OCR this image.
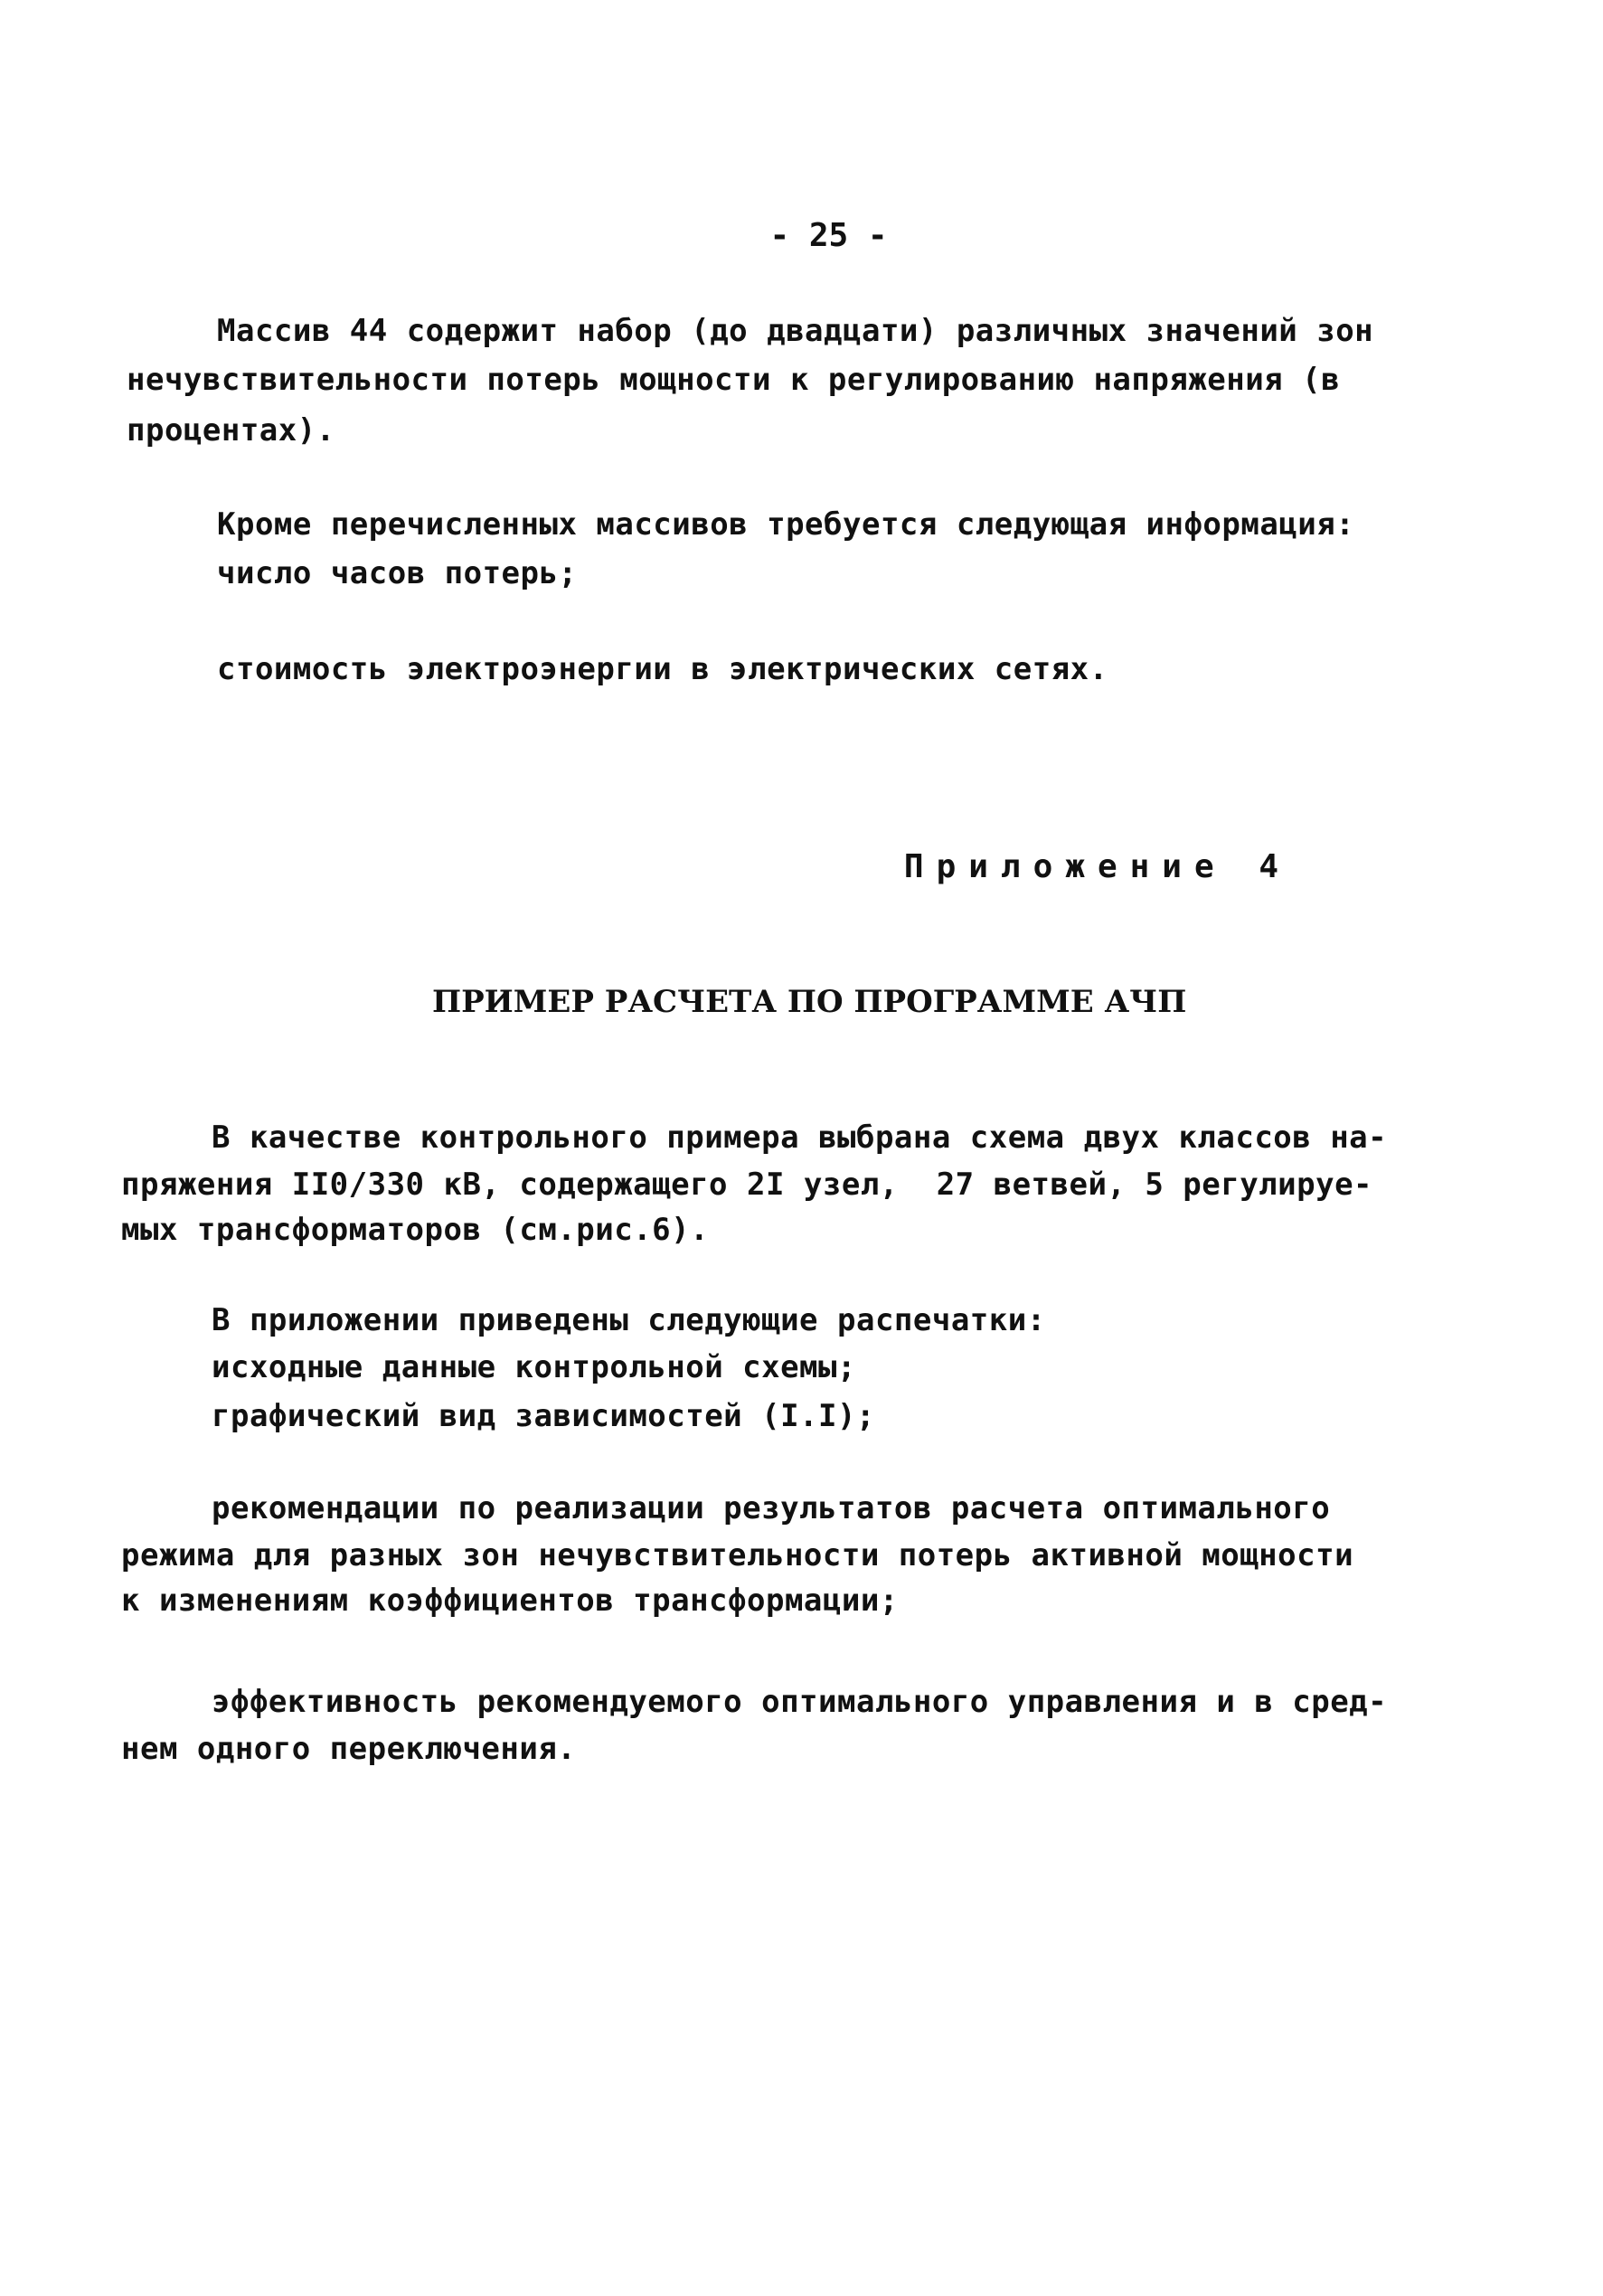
- 25 -
Массив 44 содержит набор (до двадцати) различных значений зон
нечувствительности потерь мощности к регулированию напряжения (в
процентах).
Кроме перечисленных массивов требуется следующая информация:
число часов потерь;
стоимость электроэнергии в электрических сетях.
Приложение 4
ПРИМЕР РАСЧЕТА ПО ПРОГРАММЕ АЧП
В качестве контрольного примера выбрана схема двух классов на-
пряжения II0/330 кВ, содержащего 2I узел,  27 ветвей, 5 регулируе-
мых трансформаторов (см.рис.6).
В приложении приведены следующие распечатки:
исходные данные контрольной схемы;
графический вид зависимостей (I.I);
рекомендации по реализации результатов расчета оптимального
режима для разных зон нечувствительности потерь активной мощности
к изменениям коэффициентов трансформации;
эффективность рекомендуемого оптимального управления и в сред-
нем одного переключения.
